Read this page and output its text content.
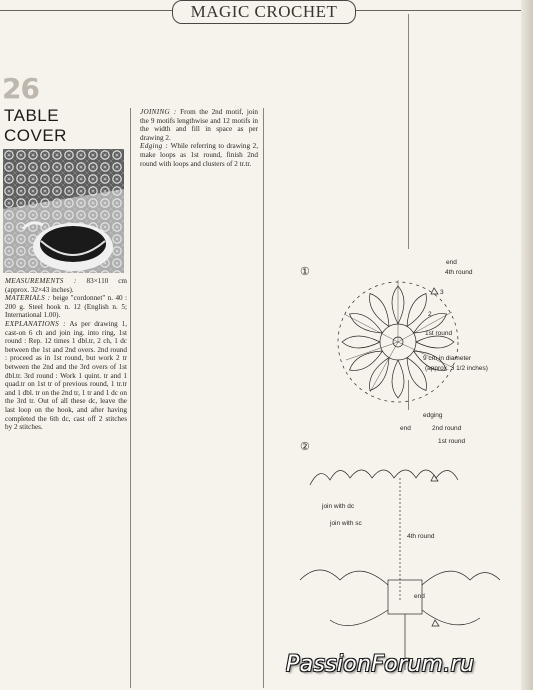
MAGIC CROCHET
26
TABLE
COVER

MEASUREMENTS : 83×110 cm (approx. 32×43 inches).

MATERIALS : beige "cordonnet" n. 40 : 200 g. Steel hook n. 12 (English n. 5; International 1.00).

EXPLANATIONS : As per drawing 1, cast-on 6 ch and join ing. into ring, 1st round : Rep. 12 times 1 dbl.tr, 2 ch, 1 dc between the 1st and 2nd overs. 2nd round : proceed as in 1st round, but work 2 tr between the 2nd and the 3rd overs of 1st dbl.tr. 3rd round : Work 1 quint. tr and 1 quad.tr on 1st tr of previous round, 1 tr.tr and 1 dbl. tr on the 2nd tr, 1 tr and 1 dc on the 3rd tr. Out of all these dc, leave the last loop on the hook, and after having completed the 6th dc, cast off 2 stitches by 2 stitches.

JOINING : From the 2nd motif, join the 9 motifs lengthwise and 12 motifs in the width and fill in space as per drawing 2.

Edging : While referring to drawing 2, make loops as 1st round, finish 2nd round with loops and clusters of 2 tr.tr.

①
end
4th round
3
2
1st round
9 cm in diameter
(approx. 3 1/2 inches)
②
edging
end	2nd round
1st round
join with dc
join with sc
4th round
end
PassionForum.ru
